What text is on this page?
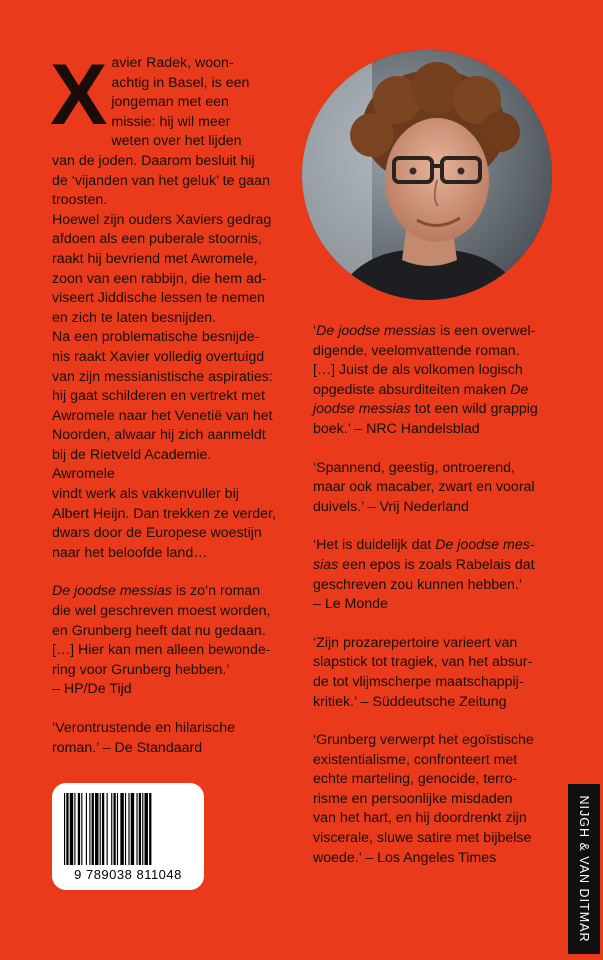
X avier Radek, woon-

achtig in Basel, is een

jongeman met een

missie: hij wil meer

weten over het lijden

van de joden. Daarom besluit hij

de ‘vijanden van het geluk’ te gaan

troosten.

Hoewel zijn ouders Xaviers gedrag

afdoen als een puberale stoornis,

raakt hij bevriend met Awromele,

zoon van een rabbijn, die hem ad-

viseert Jiddische lessen te nemen

en zich te laten besnijden.

Na een problematische besnijde-

nis raakt Xavier volledig overtuigd

van zijn messianistische aspiraties:

hij gaat schilderen en vertrekt met

Awromele naar het Venetië van het

Noorden, alwaar hij zich aanmeldt

bij de Rietveld Academie. Awromele

vindt werk als vakkenvuller bij

Albert Heijn. Dan trekken ze verder,

dwars door de Europese woestijn

naar het beloofde land…

De joodse messias is zo’n roman

die wel geschreven moest worden,

en Grunberg heeft dat nu gedaan.

[…] Hier kan men alleen bewonde-

ring voor Grunberg hebben.’

– HP/De Tijd

‘Verontrustende en hilarische

roman.’ – De Standaard

‘De joodse messias is een overwel-

digende, veelomvattende roman.

[…] Juist de als volkomen logisch

opgediste absurditeiten maken De

joodse messias tot een wild grappig

boek.’ – NRC Handelsblad

‘Spannend, geestig, ontroerend,

maar ook macaber, zwart en vooral

duivels.’ – Vrij Nederland

‘Het is duidelijk dat De joodse mes-

sias een epos is zoals Rabelais dat

geschreven zou kunnen hebben.’

– Le Monde

‘Zijn prozarepertoire varieert van

slapstick tot tragiek, van het absur-

de tot vlijmscherpe maatschappij-

kritiek.’ – Süddeutsche Zeitung

‘Grunberg verwerpt het egoïstische

existentialisme, confronteert met

echte marteling, genocide, terro-

risme en persoonlijke misdaden

van het hart, en hij doordrenkt zijn

viscerale, sluwe satire met bijbelse

woede.’ – Los Angeles Times

9 789038 811048	NIJGH & VAN DITMAR
